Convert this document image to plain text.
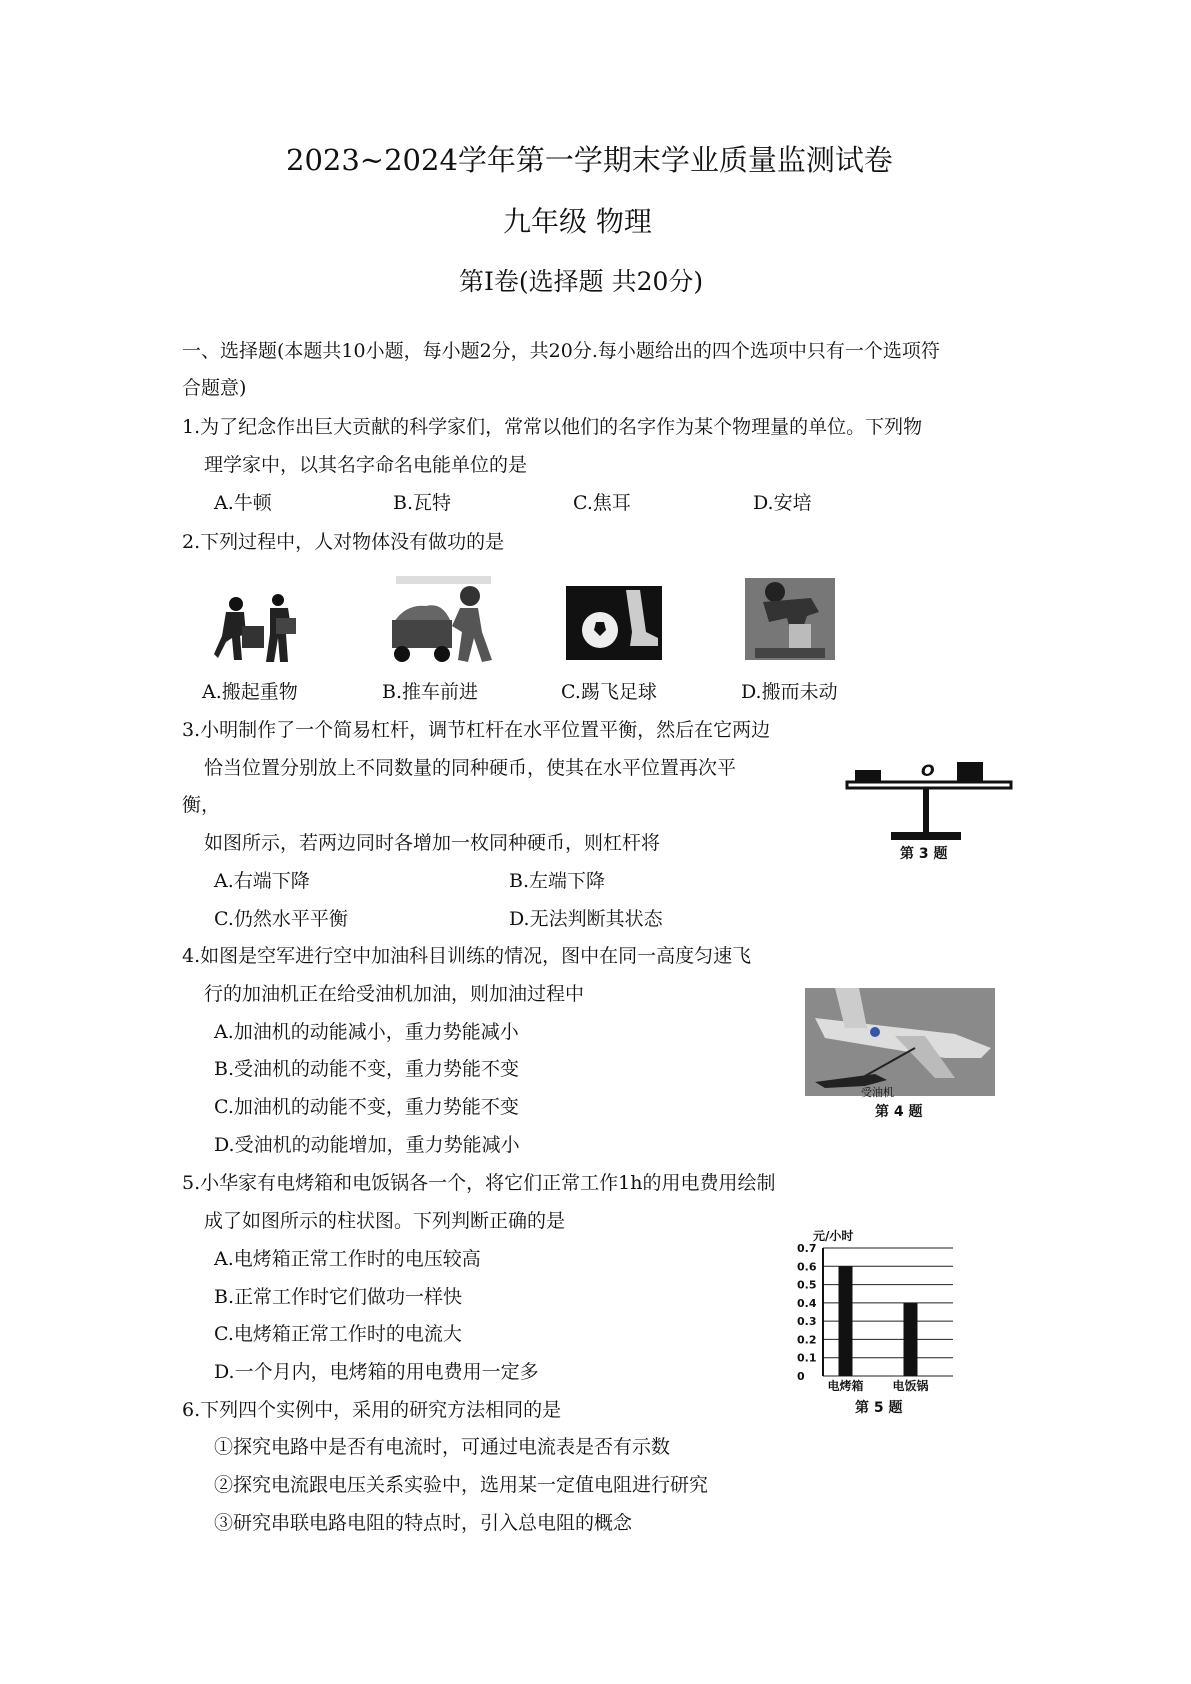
2023~2024学年第一学期末学业质量监测试卷
九年级 物理
第I卷(选择题 共20分)
一、选择题(本题共10小题，每小题2分，共20分.每小题给出的四个选项中只有一个选项符
合题意)
1.为了纪念作出巨大贡献的科学家们，常常以他们的名字作为某个物理量的单位。下列物
理学家中，以其名字命名电能单位的是
A.牛顿	B.瓦特	C.焦耳	D.安培
2.下列过程中，人对物体没有做功的是
A.搬起重物	B.推车前进	C.踢飞足球	D.搬而未动
3.小明制作了一个简易杠杆，调节杠杆在水平位置平衡，然后在它两边
恰当位置分别放上不同数量的同种硬币，使其在水平位置再次平
衡，
如图所示，若两边同时各增加一枚同种硬币，则杠杆将
A.右端下降	B.左端下降
C.仍然水平平衡	D.无法判断其状态
O
第 3 题
4.如图是空军进行空中加油科目训练的情况，图中在同一高度匀速飞
行的加油机正在给受油机加油，则加油过程中
A.加油机的动能减小，重力势能减小
B.受油机的动能不变，重力势能不变
C.加油机的动能不变，重力势能不变
D.受油机的动能增加，重力势能减小
受油机
第 4 题
5.小华家有电烤箱和电饭锅各一个，将它们正常工作1h的用电费用绘制
成了如图所示的柱状图。下列判断正确的是
A.电烤箱正常工作时的电压较高
B.正常工作时它们做功一样快
C.电烤箱正常工作时的电流大
D.一个月内，电烤箱的用电费用一定多
元/小时
0
0.1
0.2
0.3
0.4
0.5
0.6
0.7
电烤箱 电饭锅
第 5 题
6.下列四个实例中，采用的研究方法相同的是
①探究电路中是否有电流时，可通过电流表是否有示数
②探究电流跟电压关系实验中，选用某一定值电阻进行研究
③研究串联电路电阻的特点时，引入总电阻的概念
